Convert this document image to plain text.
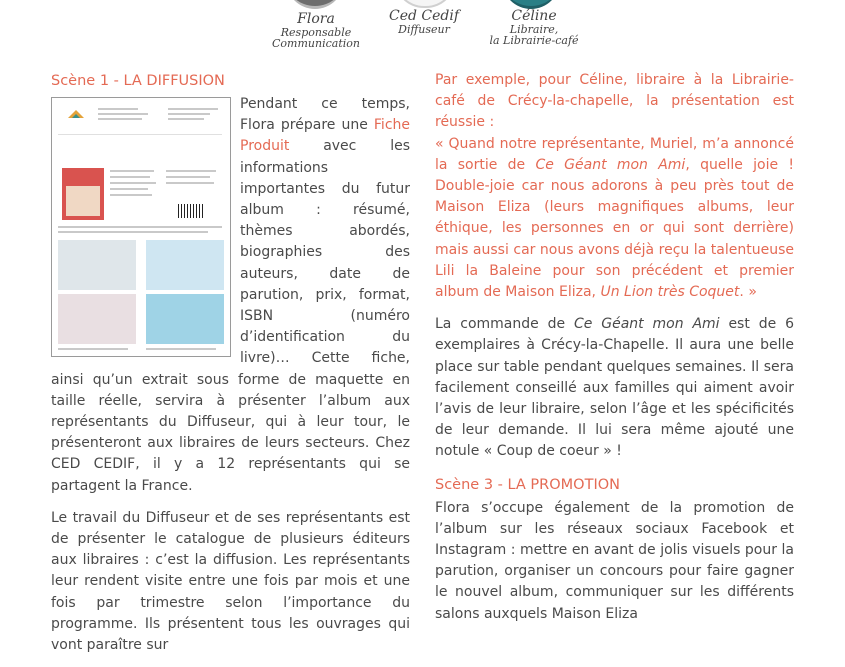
Flora
Responsable
Communication
Ced Cedif
Diffuseur
Céline
Libraire,
la Librairie-café
Scène 1 - LA DIFFUSION

Pendant ce temps, Flora prépare une Fiche Produit avec les informations importantes du futur album : résumé, thèmes abordés, biographies des auteurs, date de parution, prix, format, ISBN (numéro d’identification du livre)… Cette fiche, ainsi qu’un extrait sous forme de maquette en taille réelle, servira à présenter l’album aux représentants du Diffuseur, qui à leur tour, le présenteront aux libraires de leurs secteurs. Chez CED CEDIF, il y a 12 représentants qui se partagent la France.

Le travail du Diffuseur et de ses représentants est de présenter le catalogue de plusieurs éditeurs aux libraires : c’est la diffusion. Les représentants leur rendent visite entre une fois par mois et une fois par trimestre selon l’importance du programme. Ils présentent tous les ouvrages qui vont paraître sur

Par exemple, pour Céline, libraire à la Librairie-café de Crécy-la-chapelle, la présentation est réussie :

« Quand notre représentante, Muriel, m’a annoncé la sortie de Ce Géant mon Ami, quelle joie ! Double-joie car nous adorons à peu près tout de Maison Eliza (leurs magnifiques albums, leur éthique, les personnes en or qui sont derrière) mais aussi car nous avons déjà reçu la talentueuse Lili la Baleine pour son précédent et premier album de Maison Eliza, Un Lion très Coquet. »

La commande de Ce Géant mon Ami est de 6 exemplaires à Crécy-la-Chapelle. Il aura une belle place sur table pendant quelques semaines. Il sera facilement conseillé aux familles qui aiment avoir l’avis de leur libraire, selon l’âge et les spécificités de leur demande. Il lui sera même ajouté une notule « Coup de coeur » !

Scène 3 - LA PROMOTION

Flora s’occupe également de la promotion de l’album sur les réseaux sociaux Facebook et Instagram : mettre en avant de jolis visuels pour la parution, organiser un concours pour faire gagner le nouvel album, communiquer sur les différents salons auxquels Maison Eliza
